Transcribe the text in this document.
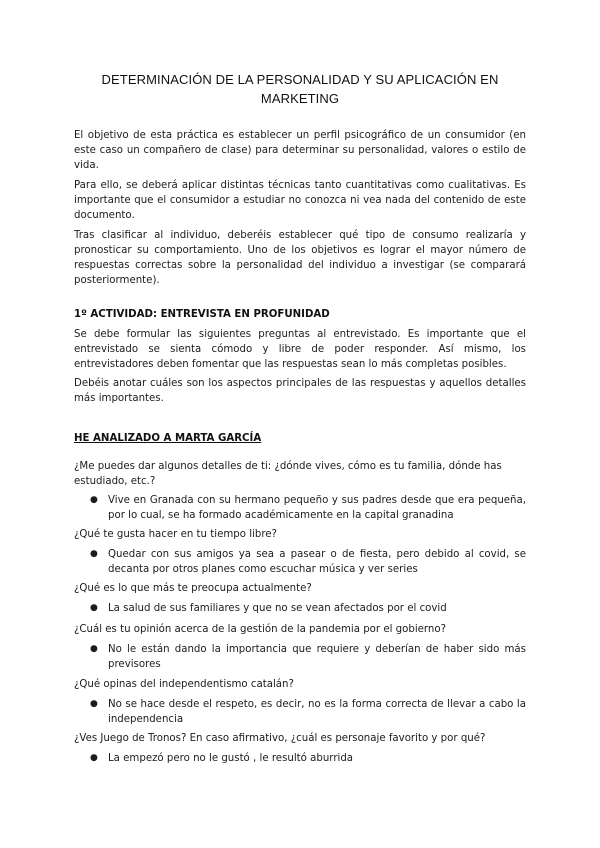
DETERMINACIÓN DE LA PERSONALIDAD Y SU APLICACIÓN EN MARKETING

El objetivo de esta práctica es establecer un perfil psicográfico de un consumidor (en este caso un compañero de clase) para determinar su personalidad, valores o estilo de vida.

Para ello, se deberá aplicar distintas técnicas tanto cuantitativas como cualitativas. Es importante que el consumidor a estudiar no conozca ni vea nada del contenido de este documento.

Tras clasificar al individuo, deberéis establecer qué tipo de consumo realizaría y pronosticar su comportamiento. Uno de los objetivos es lograr el mayor número de respuestas correctas sobre la personalidad del individuo a investigar (se comparará posteriormente).

1º ACTIVIDAD: ENTREVISTA EN PROFUNIDAD

Se debe formular las siguientes preguntas al entrevistado. Es importante que el entrevistado se sienta cómodo y libre de poder responder. Así mismo, los entrevistadores deben fomentar que las respuestas sean lo más completas posibles.

Debéis anotar cuáles son los aspectos principales de las respuestas y aquellos detalles más importantes.

HE ANALIZADO A MARTA GARCÍA

¿Me puedes dar algunos detalles de ti: ¿dónde vives, cómo es tu familia, dónde has estudiado, etc.?

● Vive en Granada con su hermano pequeño y sus padres desde que era pequeña, por lo cual, se ha formado académicamente en la capital granadina

¿Qué te gusta hacer en tu tiempo libre?

● Quedar con sus amigos ya sea a pasear o de fiesta, pero debido al covid, se decanta por otros planes como escuchar música y ver series

¿Qué es lo que más te preocupa actualmente?

● La salud de sus familiares y que no se vean afectados por el covid

¿Cuál es tu opinión acerca de la gestión de la pandemia por el gobierno?

● No le están dando la importancia que requiere y deberían de haber sido más previsores

¿Qué opinas del independentismo catalán?

● No se hace desde el respeto, es decir, no es la forma correcta de llevar a cabo la independencia

¿Ves Juego de Tronos? En caso afirmativo, ¿cuál es personaje favorito y por qué?

● La empezó pero no le gustó , le resultó aburrida
